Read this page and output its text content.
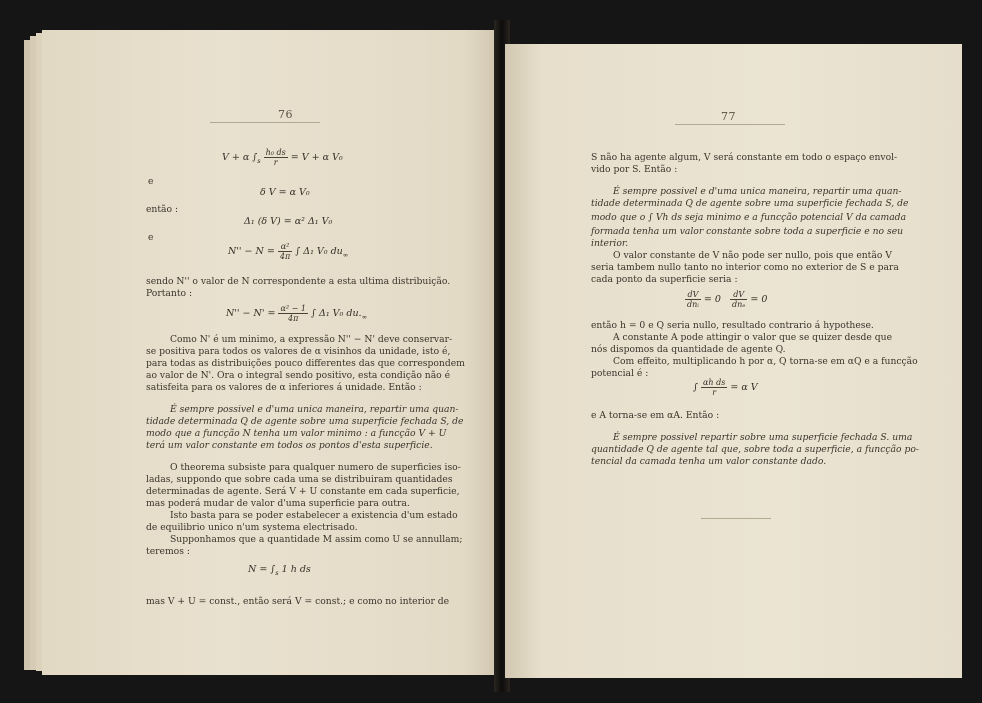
76
V + α $\int_s \frac{\text{h₀ ds}}{r} = V + \alpha$ V₀
e
δ V = α V₀
então :
Δ₁ (δ V) = α² Δ₁ V₀
e
$N'' - N = \frac{\text{α²}}{4\pi}$ ∫ Δ₁ V₀ $du_\infty$
sendo N'' o valor de N correspondente a esta ultima distribuição.
Portanto :
$N'' - N' = \frac{\text{α² − 1}}{4\pi}$ ∫ Δ₁ V₀ $du._\infty$
Como N' é um minimo, a expressão N'' − N' deve conservar-
se positiva para todos os valores de α visinhos da unidade, isto é,
para todas as distribuições pouco differentes das que correspondem
ao valor de N'. Ora o integral sendo positivo, esta condição não é
satisfeita para os valores de α inferiores á unidade. Então :
É sempre possivel e d'uma unica maneira, repartir uma quan-
tidade determinada Q de agente sobre uma superficie fechada S, de
modo que a funcção N tenha um valor minimo : a funcção V + U
terá um valor constante em todos os pontos d'esta superficie.
O theorema subsiste para qualquer numero de superficies iso-
ladas, suppondo que sobre cada uma se distribuiram quantidades
determinadas de agente. Será V + U constante em cada superficie,
mas poderá mudar de valor d'uma superficie para outra.
Isto basta para se poder estabelecer a existencia d'um estado
de equilibrio unico n'um systema electrisado.
Supponhamos que a quantidade M assim como U se annullam;
teremos :
$N = \int_s$ 1 h ds
mas V + U = const., então será V = const.; e como no interior de
77
S não ha agente algum, V será constante em todo o espaço envol-
vido por S. Então :
É sempre possivel e d'uma unica maneira, repartir uma quan-
tidade determinada Q de agente sobre uma superficie fechada S, de
modo que o ∫ Vh ds seja minimo e a funcção potencial V da camada
formada tenha um valor constante sobre toda a superficie e no seu
interior.
O valor constante de V não pode ser nullo, pois que então V
seria tambem nullo tanto no interior como no exterior de S e para
cada ponto da superficie seria :
$\frac{dV}{\text{dnᵢ}} = 0 \frac{dV}{\text{dnₑ}} = 0$
então h = 0 e Q seria nullo, resultado contrario á hypothese.
A constante A pode attingir o valor que se quizer desde que
nós dispomos da quantidade de agente Q.
Com effeito, multiplicando h por α, Q torna-se em αQ e a funcção
potencial é :
∫ $\frac{\text{αh ds}}{r} = \alpha$ V
e A torna-se em αA. Então :
É sempre possivel repartir sobre uma superficie fechada S. uma
quantidade Q de agente tal que, sobre toda a superficie, a funcção po-
tencial da camada tenha um valor constante dado.
